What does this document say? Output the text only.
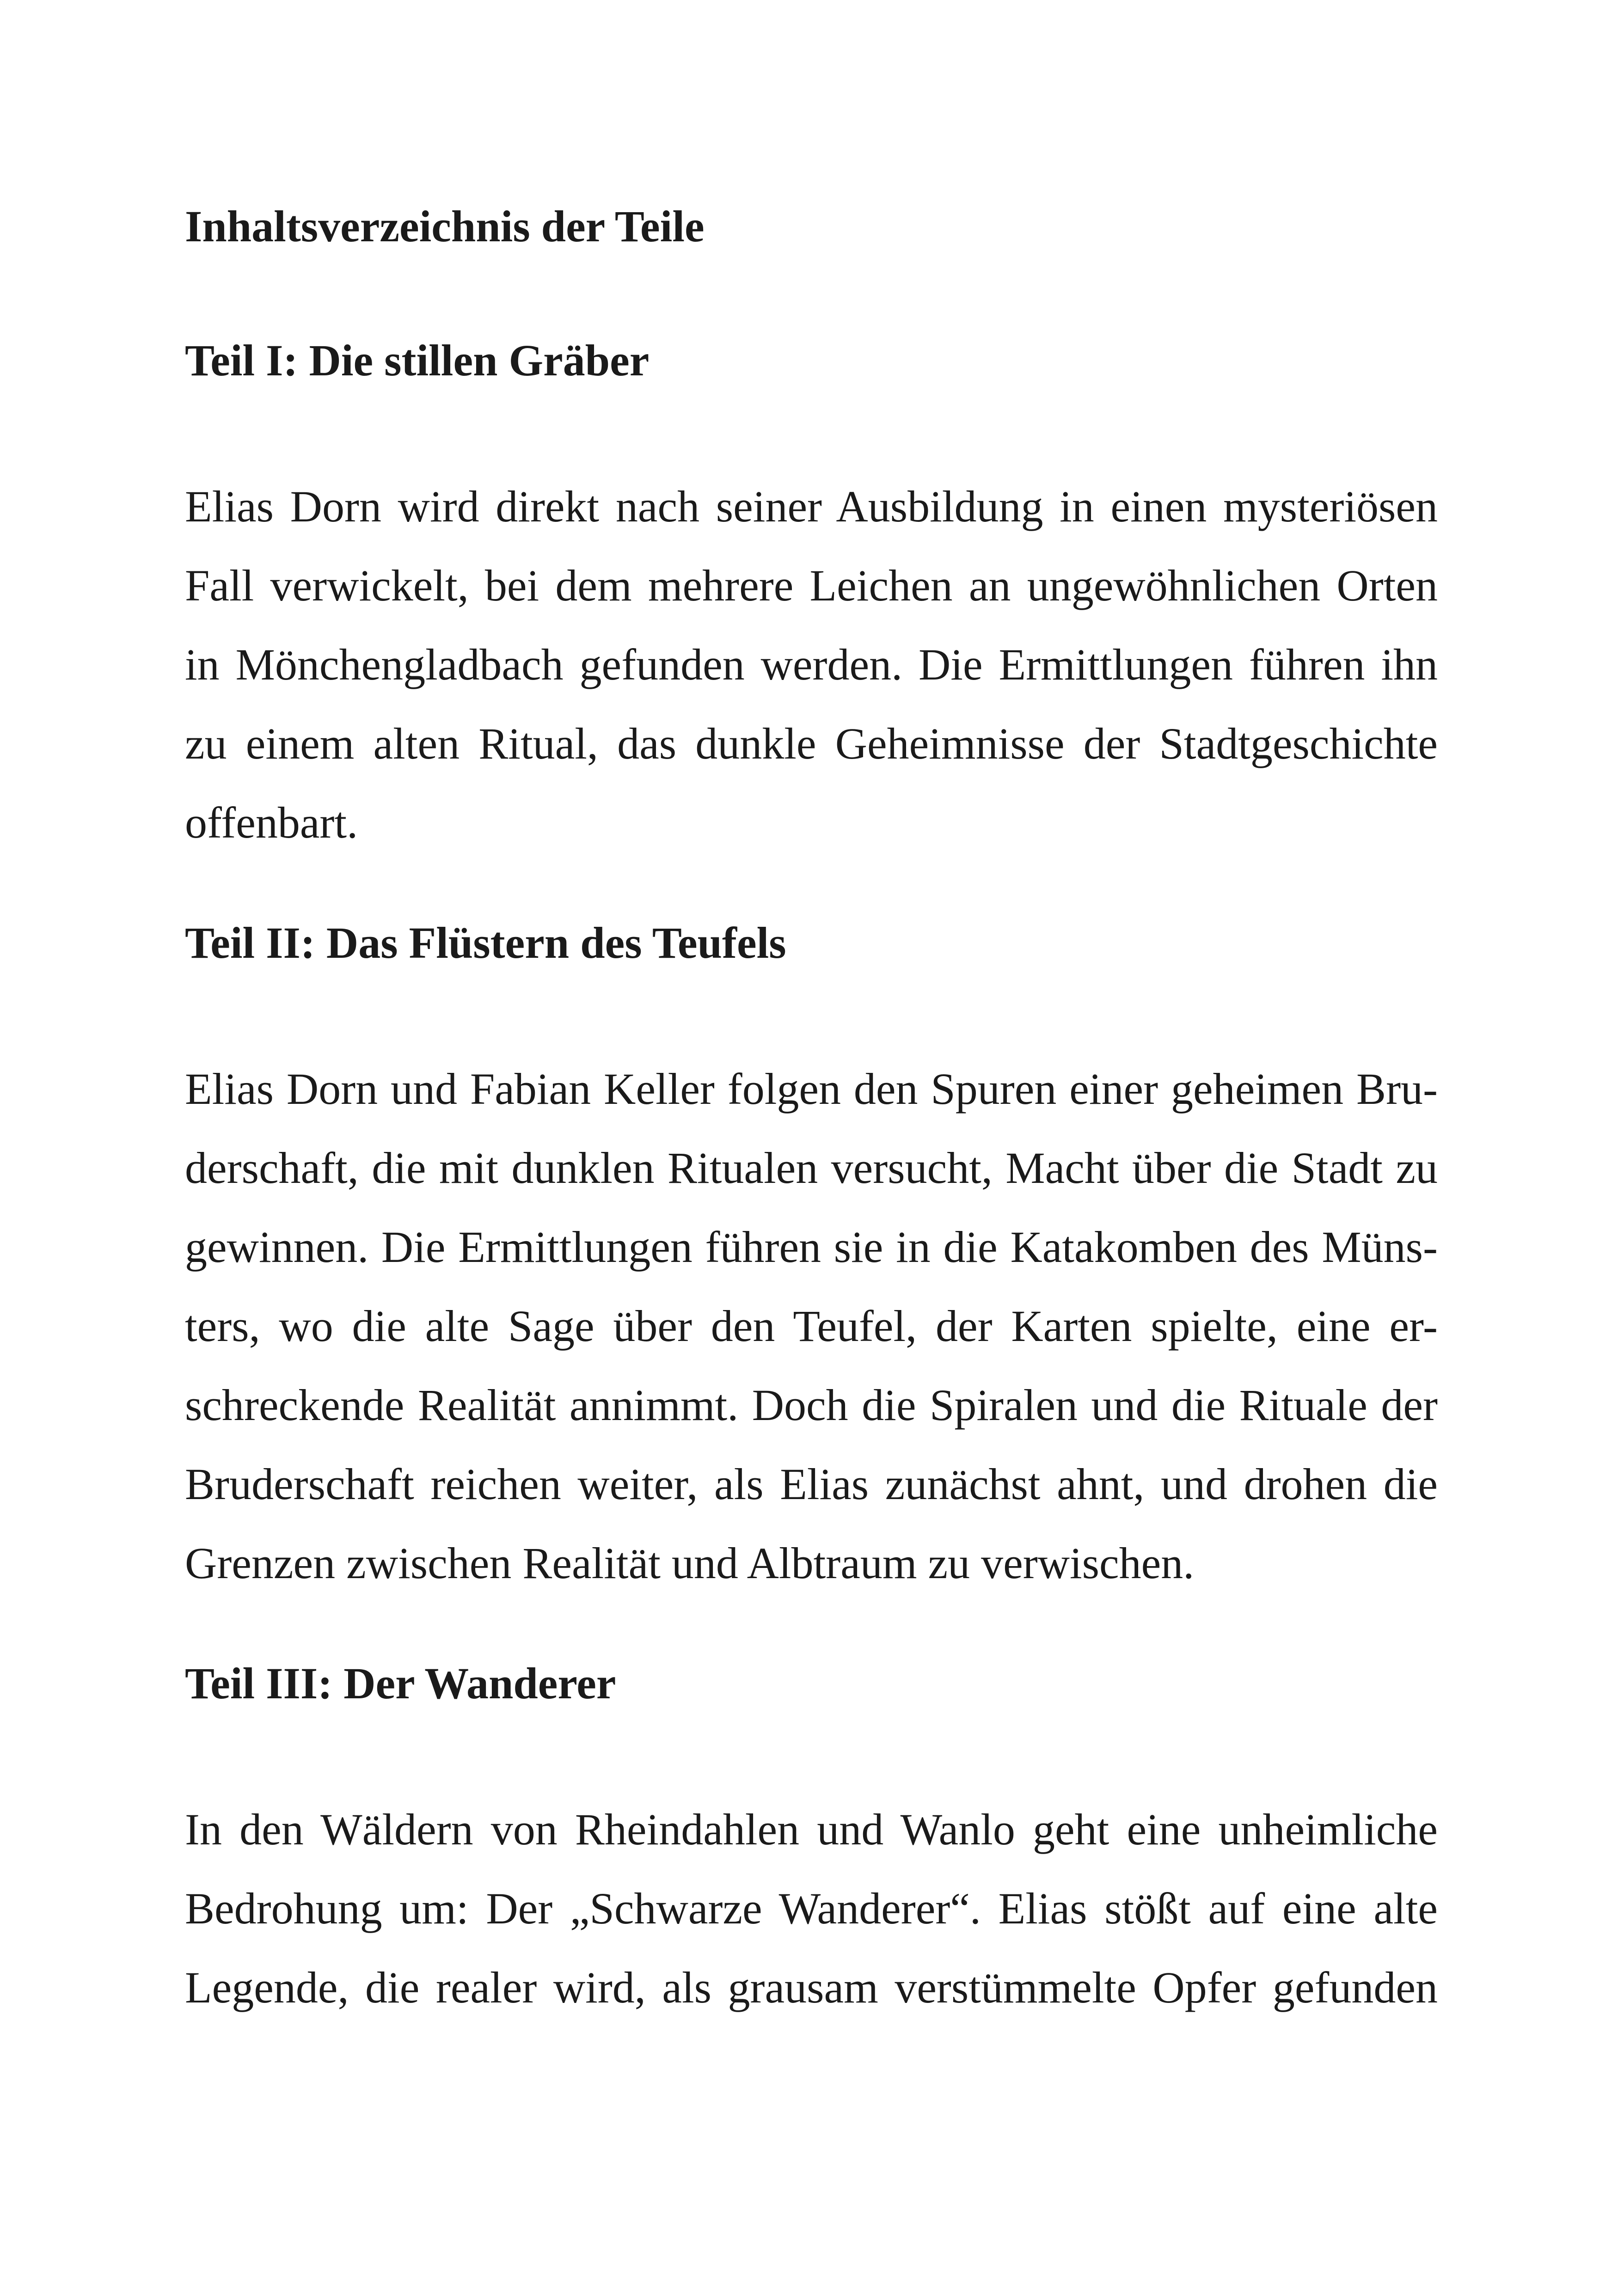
Inhaltsverzeichnis der Teile
Teil I: Die stillen Gräber
Elias Dorn wird direkt nach seiner Ausbildung in einen mysteriösen
Fall verwickelt, bei dem mehrere Leichen an ungewöhnlichen Orten
in Mönchengladbach gefunden werden. Die Ermittlungen führen ihn
zu einem alten Ritual, das dunkle Geheimnisse der Stadtgeschichte
offenbart.
Teil II: Das Flüstern des Teufels
Elias Dorn und Fabian Keller folgen den Spuren einer geheimen Bru-
derschaft, die mit dunklen Ritualen versucht, Macht über die Stadt zu
gewinnen. Die Ermittlungen führen sie in die Katakomben des Müns-
ters, wo die alte Sage über den Teufel, der Karten spielte, eine er-
schreckende Realität annimmt. Doch die Spiralen und die Rituale der
Bruderschaft reichen weiter, als Elias zunächst ahnt, und drohen die
Grenzen zwischen Realität und Albtraum zu verwischen.
Teil III: Der Wanderer
In den Wäldern von Rheindahlen und Wanlo geht eine unheimliche
Bedrohung um: Der „Schwarze Wanderer“. Elias stößt auf eine alte
Legende, die realer wird, als grausam verstümmelte Opfer gefunden
